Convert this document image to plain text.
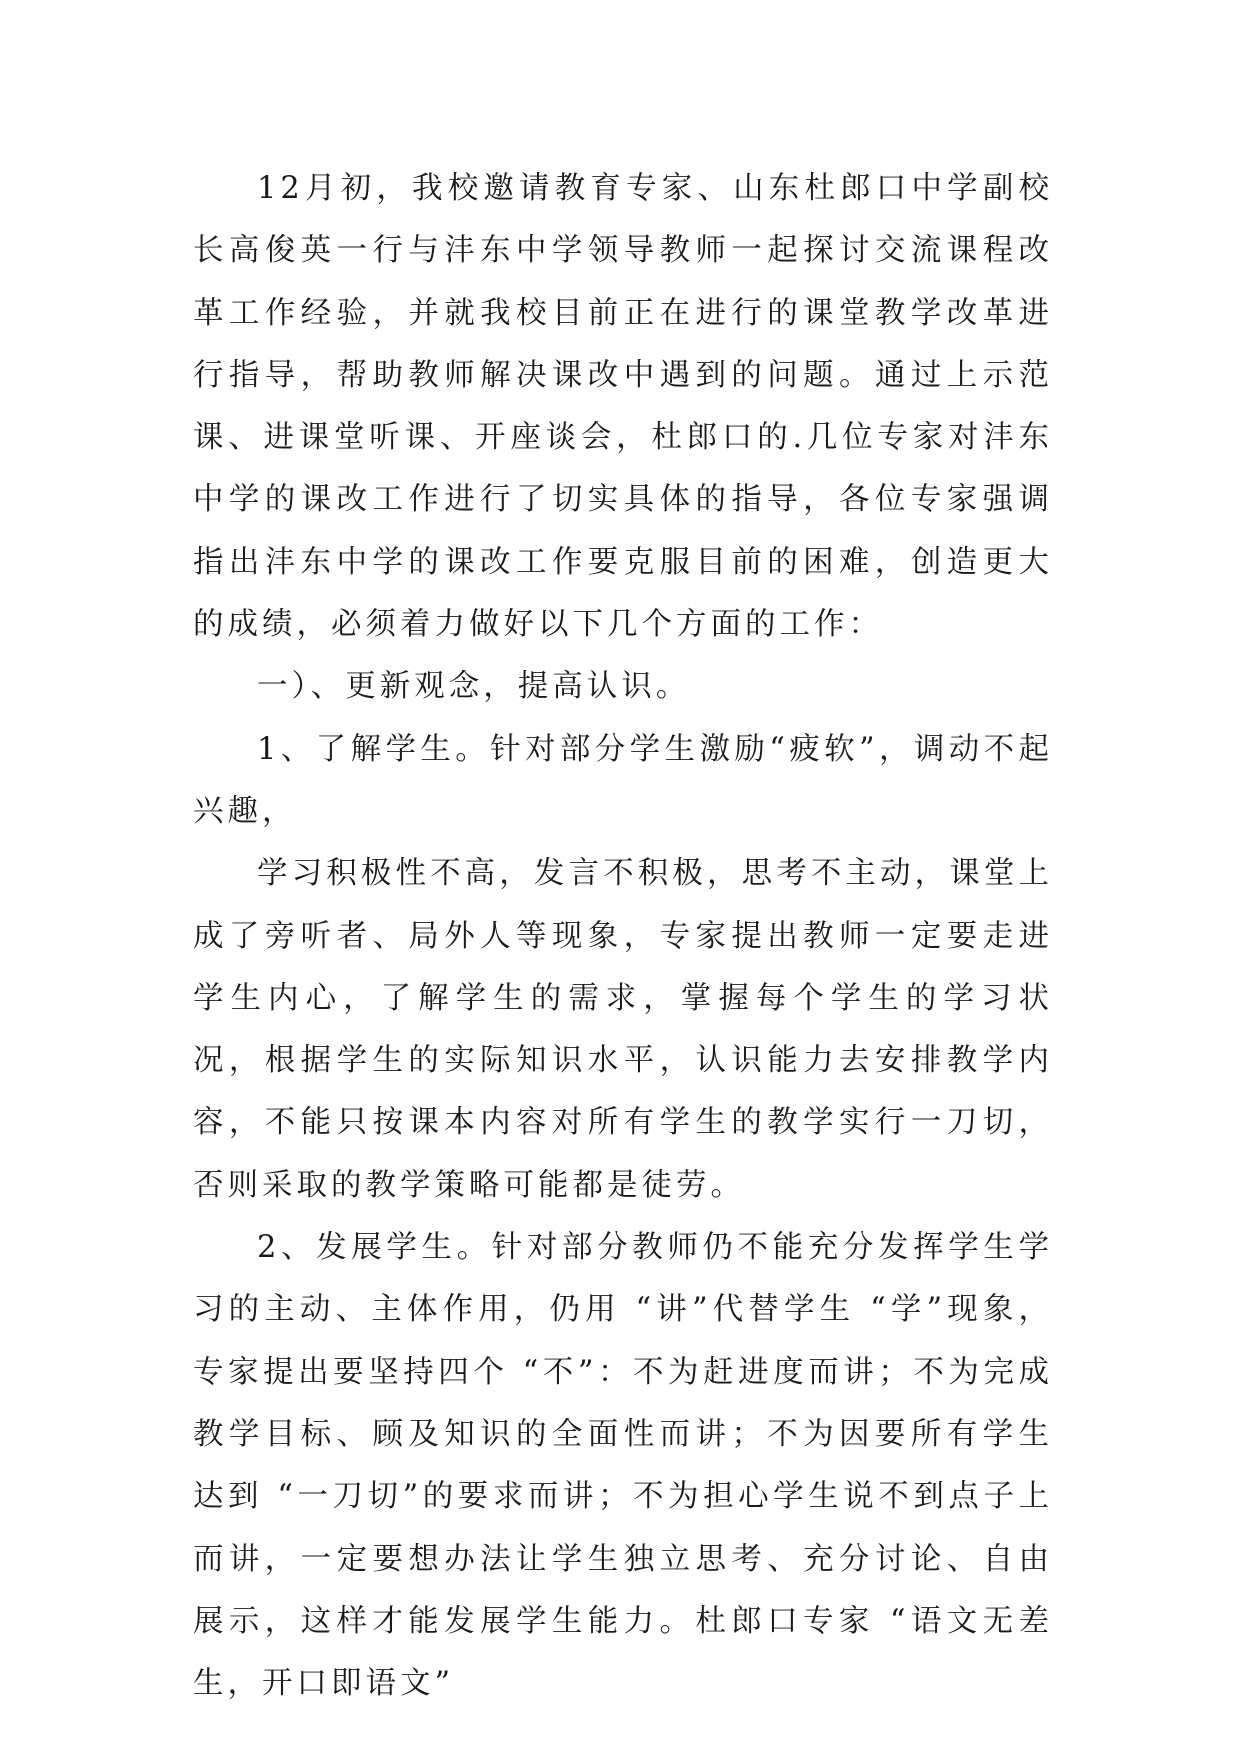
12月初，我校邀请教育专家、山东杜郎口中学副校长高俊英一行与沣东中学领导教师一起探讨交流课程改革工作经验，并就我校目前正在进行的课堂教学改革进行指导，帮助教师解决课改中遇到的问题。通过上示范课、进课堂听课、开座谈会，杜郎口的.几位专家对沣东中学的课改工作进行了切实具体的指导，各位专家强调指出沣东中学的课改工作要克服目前的困难，创造更大的成绩，必须着力做好以下几个方面的工作：

一）、更新观念，提高认识。

1、了解学生。针对部分学生激励“疲软”，调动不起兴趣，

学习积极性不高，发言不积极，思考不主动，课堂上成了旁听者、局外人等现象，专家提出教师一定要走进学生内心，了解学生的需求，掌握每个学生的学习状况，根据学生的实际知识水平，认识能力去安排教学内容，不能只按课本内容对所有学生的教学实行一刀切，否则采取的教学策略可能都是徒劳。

2、发展学生。针对部分教师仍不能充分发挥学生学习的主动、主体作用，仍用 “讲”代替学生 “学”现象，专家提出要坚持四个 “不”：不为赶进度而讲；不为完成教学目标、顾及知识的全面性而讲；不为因要所有学生达到 “一刀切”的要求而讲；不为担心学生说不到点子上而讲，一定要想办法让学生独立思考、充分讨论、自由展示，这样才能发展学生能力。杜郎口专家 “语文无差生，开口即语文”
